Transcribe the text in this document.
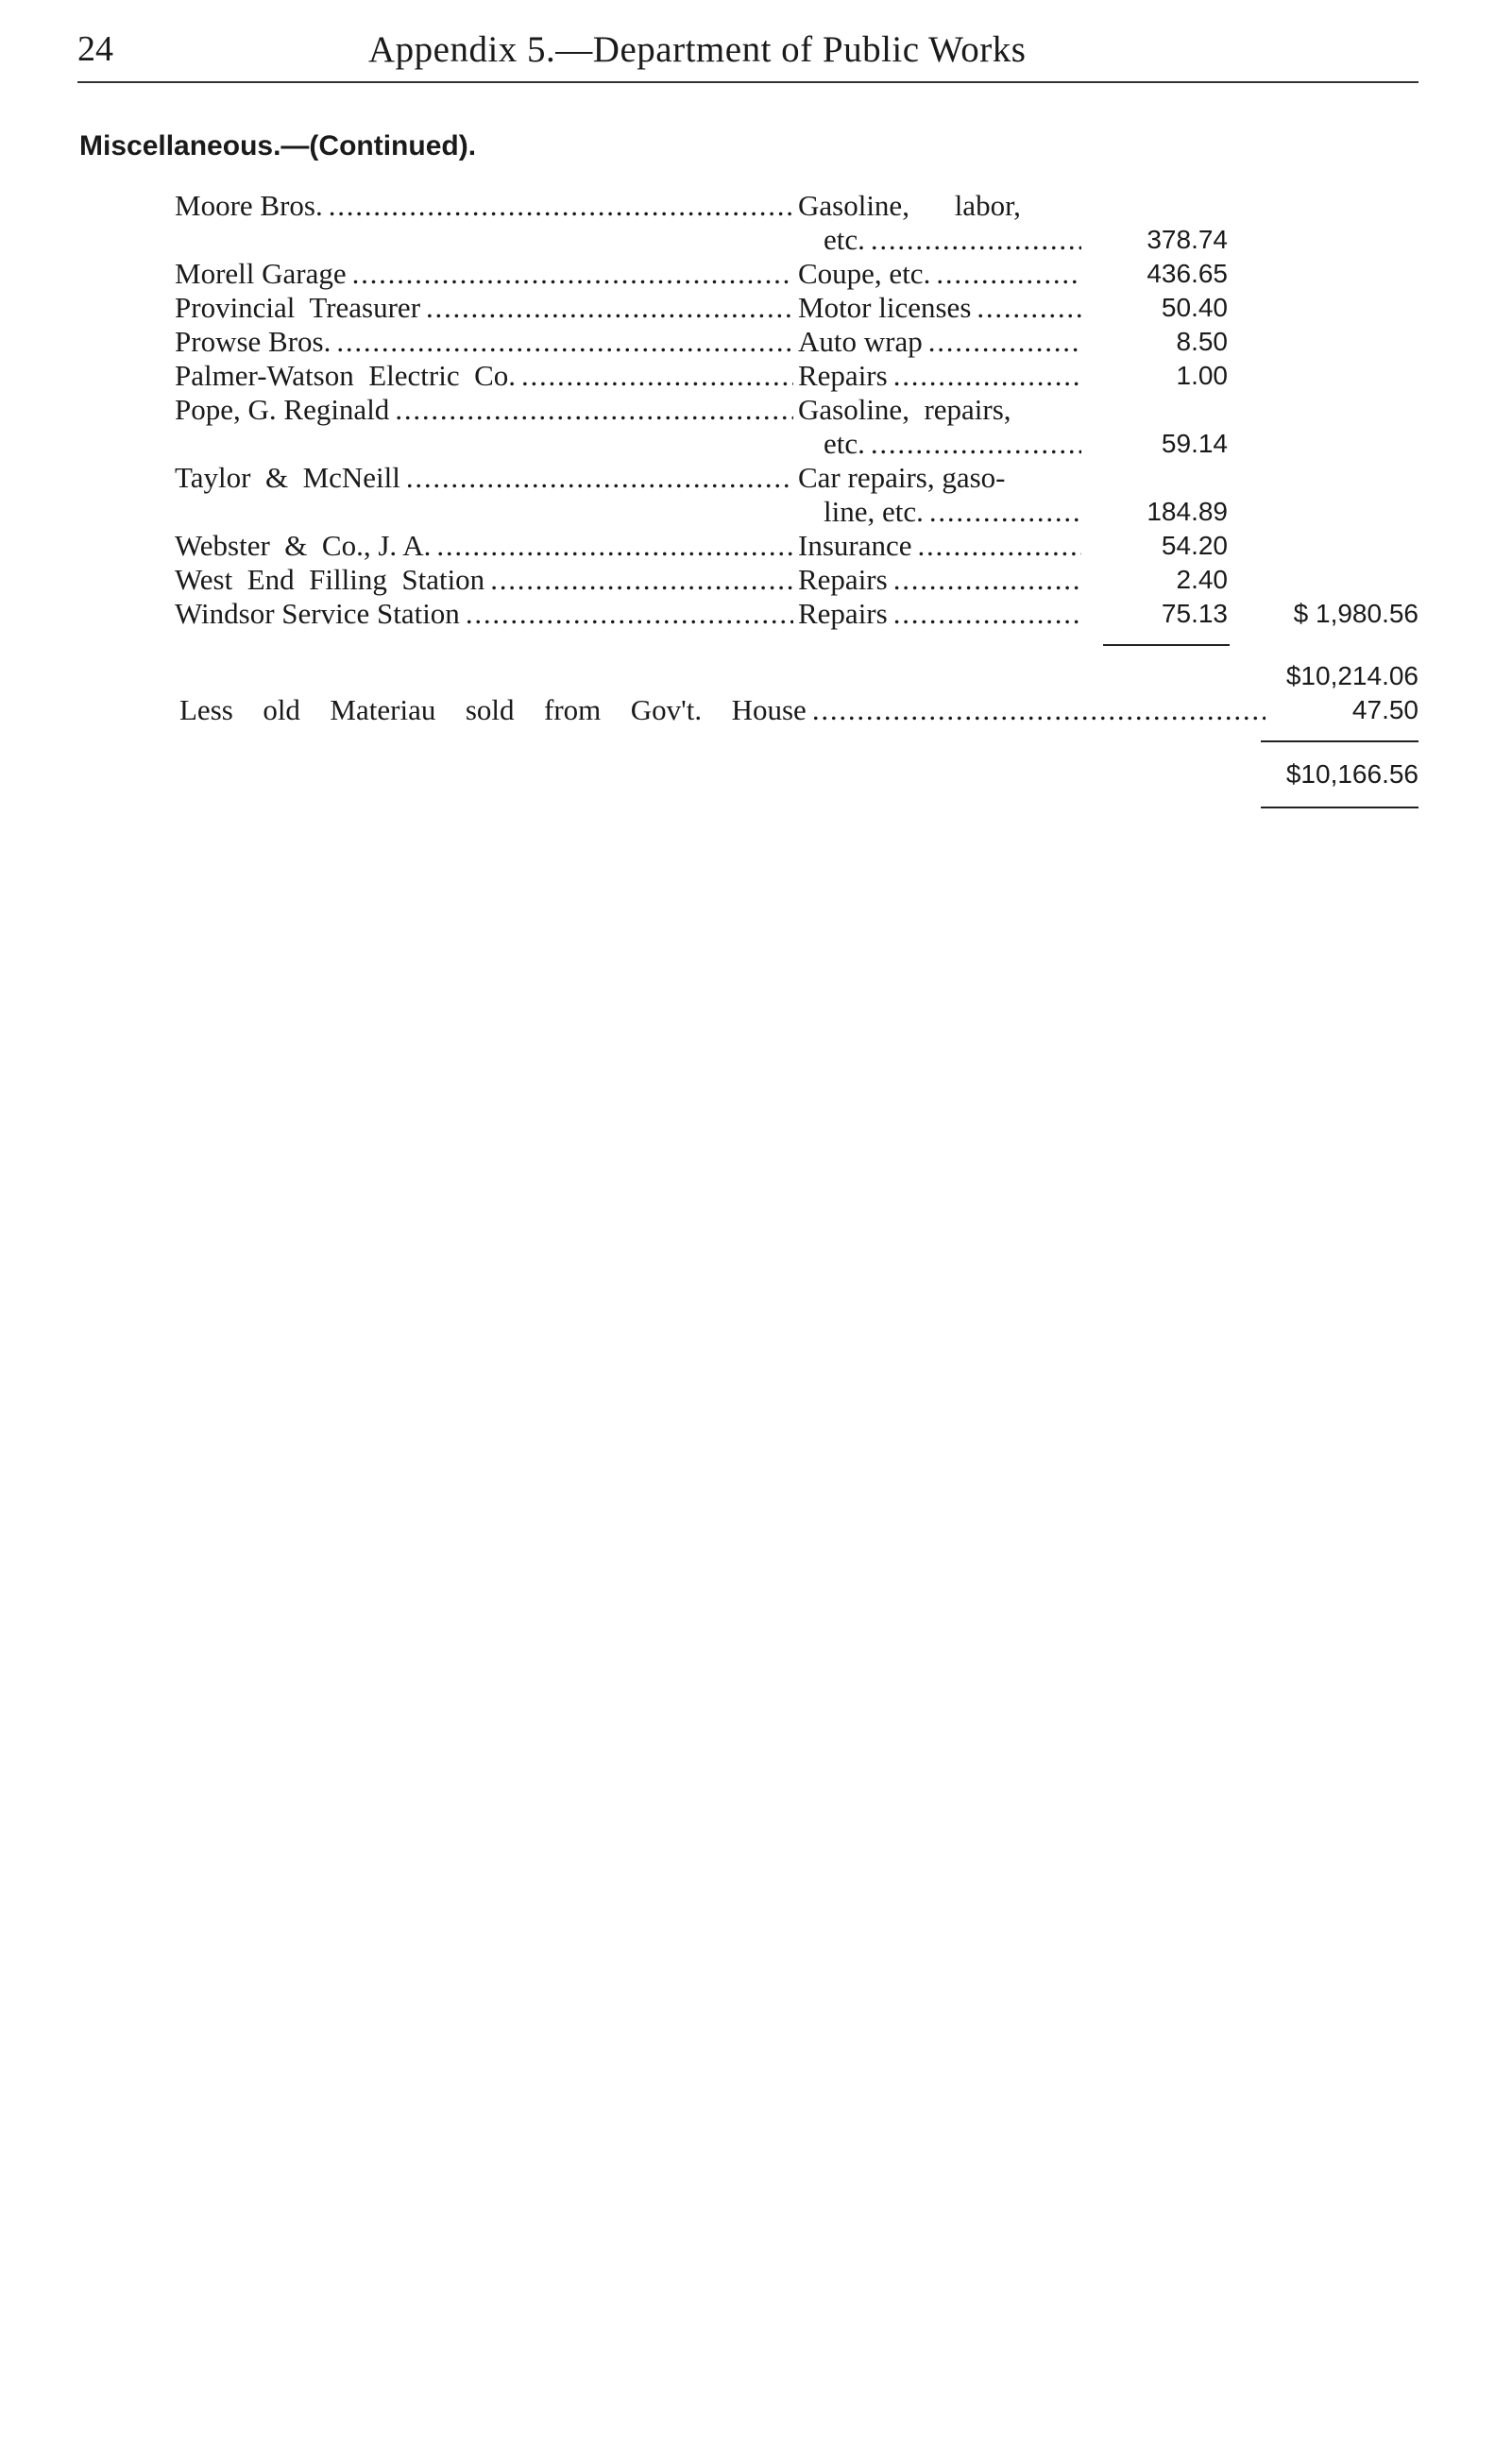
24	Appendix 5.—Department of Public Works
Miscellaneous.—(Continued).
Moore Bros. . . .	Gasoline, labor,
etc. . . .	378.74
Morell Garage . . .	Coupe, etc. . . .	436.65
Provincial  Treasurer . . .	Motor licenses . . .	50.40
Prowse Bros. . . .	Auto wrap . . .	8.50
Palmer-Watson  Electric  Co. . . .	Repairs . . .	1.00
Pope, G. Reginald . . .	Gasoline,  repairs,
etc. . . .	59.14
Taylor  &  McNeill . . .	Car repairs, gaso-
line, etc. . . .	184.89
Webster  &  Co., J. A. . . .	Insurance . . .	54.20
West  End  Filling  Station . . .	Repairs . . .	2.40
Windsor Service Station . . .	Repairs . . .	75.13	$ 1,980.56
$10,214.06
Less  old  Materiau  sold  from  Gov't.  House . . .	47.50
$10,166.56
